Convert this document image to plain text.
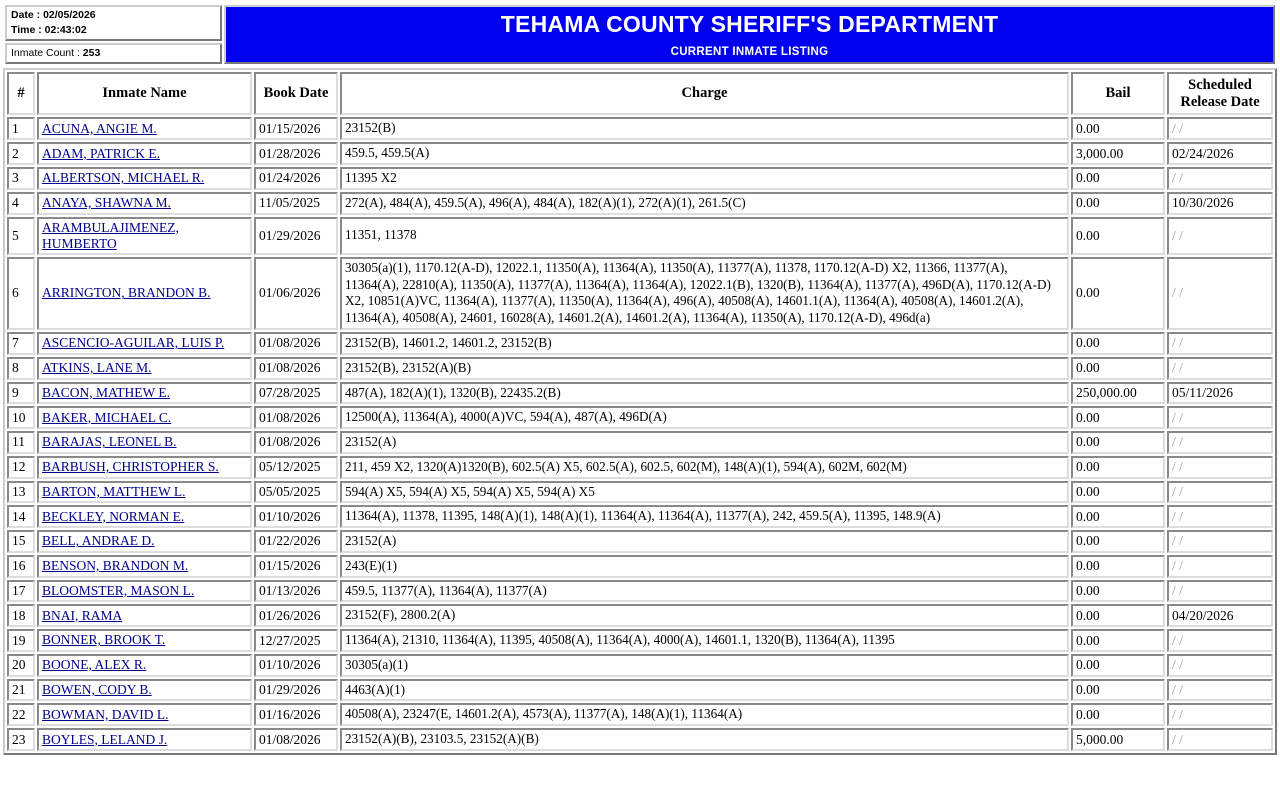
Date : 02/05/2026
Time : 02:43:02	TEHAMA COUNTY SHERIFF'S DEPARTMENT
CURRENT INMATE LISTING

Inmate Count : 253
#	Inmate Name	Book Date	Charge	Bail	Scheduled Release Date
1	ACUNA, ANGIE M.	01/15/2026	23152(B)	0.00	/ /
2	ADAM, PATRICK E.	01/28/2026	459.5, 459.5(A)	3,000.00	02/24/2026
3	ALBERTSON, MICHAEL R.	01/24/2026	11395 X2	0.00	/ /
4	ANAYA, SHAWNA M.	11/05/2025	272(A), 484(A), 459.5(A), 496(A), 484(A), 182(A)(1), 272(A)(1), 261.5(C)	0.00	10/30/2026
5	ARAMBULAJIMENEZ, HUMBERTO	01/29/2026	11351, 11378	0.00	/ /
6	ARRINGTON, BRANDON B.	01/06/2026	30305(a)(1), 1170.12(A-D), 12022.1, 11350(A), 11364(A), 11350(A), 11377(A), 11378, 1170.12(A-D) X2, 11366, 11377(A), 11364(A), 22810(A), 11350(A), 11377(A), 11364(A), 11364(A), 12022.1(B), 1320(B), 11364(A), 11377(A), 496D(A), 1170.12(A-D) X2, 10851(A)VC, 11364(A), 11377(A), 11350(A), 11364(A), 496(A), 40508(A), 14601.1(A), 11364(A), 40508(A), 14601.2(A), 11364(A), 40508(A), 24601, 16028(A), 14601.2(A), 14601.2(A), 11364(A), 11350(A), 1170.12(A-D), 496d(a)	0.00	/ /
7	ASCENCIO-AGUILAR, LUIS P.	01/08/2026	23152(B), 14601.2, 14601.2, 23152(B)	0.00	/ /
8	ATKINS, LANE M.	01/08/2026	23152(B), 23152(A)(B)	0.00	/ /
9	BACON, MATHEW E.	07/28/2025	487(A), 182(A)(1), 1320(B), 22435.2(B)	250,000.00	05/11/2026
10	BAKER, MICHAEL C.	01/08/2026	12500(A), 11364(A), 4000(A)VC, 594(A), 487(A), 496D(A)	0.00	/ /
11	BARAJAS, LEONEL B.	01/08/2026	23152(A)	0.00	/ /
12	BARBUSH, CHRISTOPHER S.	05/12/2025	211, 459 X2, 1320(A)1320(B), 602.5(A) X5, 602.5(A), 602.5, 602(M), 148(A)(1), 594(A), 602M, 602(M)	0.00	/ /
13	BARTON, MATTHEW L.	05/05/2025	594(A) X5, 594(A) X5, 594(A) X5, 594(A) X5	0.00	/ /
14	BECKLEY, NORMAN E.	01/10/2026	11364(A), 11378, 11395, 148(A)(1), 148(A)(1), 11364(A), 11364(A), 11377(A), 242, 459.5(A), 11395, 148.9(A)	0.00	/ /
15	BELL, ANDRAE D.	01/22/2026	23152(A)	0.00	/ /
16	BENSON, BRANDON M.	01/15/2026	243(E)(1)	0.00	/ /
17	BLOOMSTER, MASON L.	01/13/2026	459.5, 11377(A), 11364(A), 11377(A)	0.00	/ /
18	BNAI, RAMA	01/26/2026	23152(F), 2800.2(A)	0.00	04/20/2026
19	BONNER, BROOK T.	12/27/2025	11364(A), 21310, 11364(A), 11395, 40508(A), 11364(A), 4000(A), 14601.1, 1320(B), 11364(A), 11395	0.00	/ /
20	BOONE, ALEX R.	01/10/2026	30305(a)(1)	0.00	/ /
21	BOWEN, CODY B.	01/29/2026	4463(A)(1)	0.00	/ /
22	BOWMAN, DAVID L.	01/16/2026	40508(A), 23247(E, 14601.2(A), 4573(A), 11377(A), 148(A)(1), 11364(A)	0.00	/ /
23	BOYLES, LELAND J.	01/08/2026	23152(A)(B), 23103.5, 23152(A)(B)	5,000.00	/ /
